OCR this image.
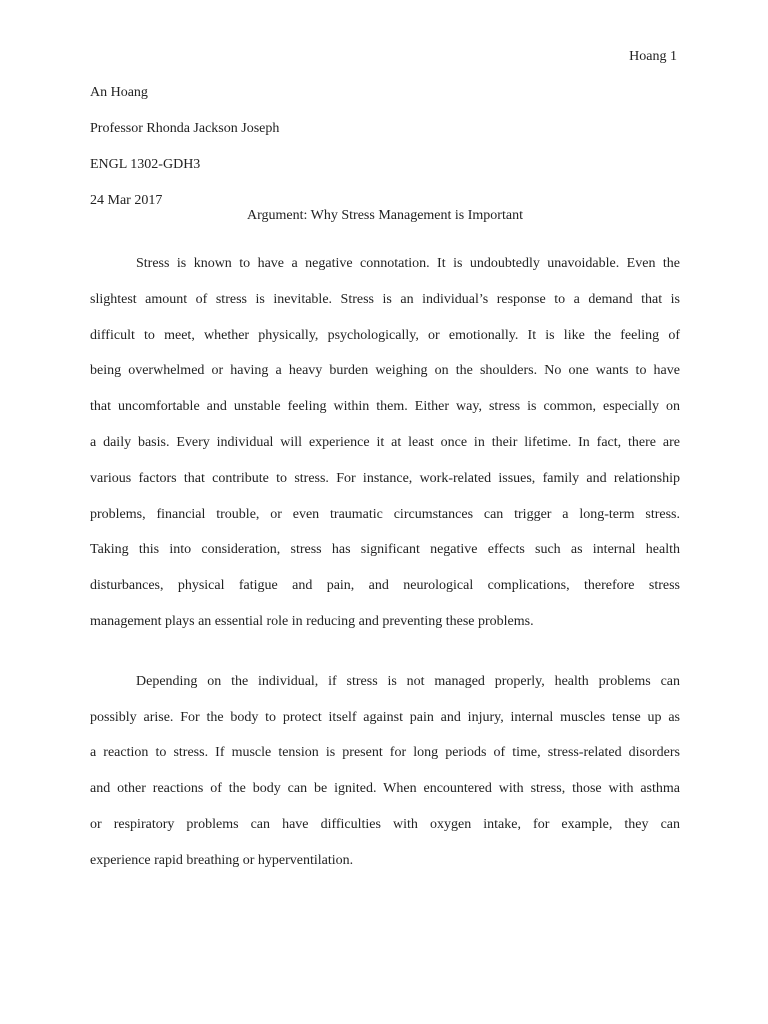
Hoang 1
An Hoang
Professor Rhonda Jackson Joseph
ENGL 1302-GDH3
24 Mar 2017
Argument: Why Stress Management is Important
Stress is known to have a negative connotation. It is undoubtedly unavoidable. Even the
slightest amount of stress is inevitable. Stress is an individual’s response to a demand that is
difficult to meet, whether physically, psychologically, or emotionally. It is like the feeling of
being overwhelmed or having a heavy burden weighing on the shoulders. No one wants to have
that uncomfortable and unstable feeling within them. Either way, stress is common, especially on
a daily basis. Every individual will experience it at least once in their lifetime. In fact, there are
various factors that contribute to stress. For instance, work-related issues, family and relationship
problems, financial trouble, or even traumatic circumstances can trigger a long-term stress.
Taking this into consideration, stress has significant negative effects such as internal health
disturbances, physical fatigue and pain, and neurological complications, therefore stress
management plays an essential role in reducing and preventing these problems.
Depending on the individual, if stress is not managed properly, health problems can
possibly arise. For the body to protect itself against pain and injury, internal muscles tense up as
a reaction to stress. If muscle tension is present for long periods of time, stress-related disorders
and other reactions of the body can be ignited. When encountered with stress, those with asthma
or respiratory problems can have difficulties with oxygen intake, for example, they can
experience rapid breathing or hyperventilation.
